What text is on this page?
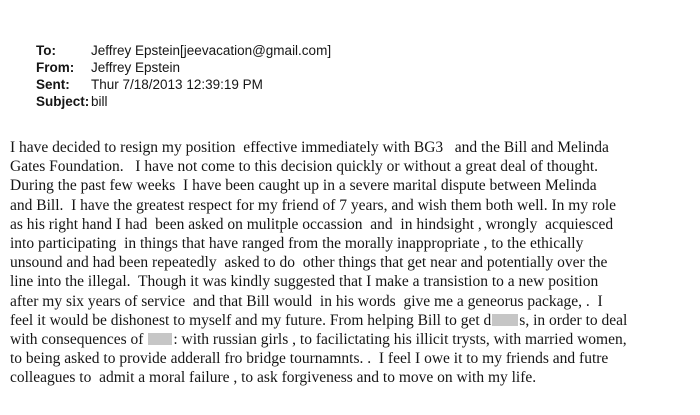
To:	Jeffrey Epstein[jeevacation@gmail.com]
From:	Jeffrey Epstein
Sent:	Thur 7/18/2013 12:39:19 PM
Subject: bill
I have decided to resign my position  effective immediately with BG3   and the Bill and Melinda
Gates Foundation.   I have not come to this decision quickly or without a great deal of thought.
During the past few weeks  I have been caught up in a severe marital dispute between Melinda
and Bill.  I have the greatest respect for my friend of 7 years, and wish them both well. In my role
as his right hand I had  been asked on mulitple occassion  and  in hindsight , wrongly  acquiesced
into participating  in things that have ranged from the morally inappropriate , to the ethically
unsound and had been repeatedly  asked to do  other things that get near and potentially over the
line into the illegal.  Though it was kindly suggested that I make a transistion to a new position
after my six years of service  and that Bill would  in his words  give me a geneorus package, .  I
feel it would be dishonest to myself and my future. From helping Bill to get d s, in order to deal
with consequences of : with russian girls , to facilictating his illicit trysts, with married women,
to being asked to provide adderall fro bridge tournamnts. .  I feel I owe it to my friends and futre
colleagues to  admit a moral failure , to ask forgiveness and to move on with my life.
